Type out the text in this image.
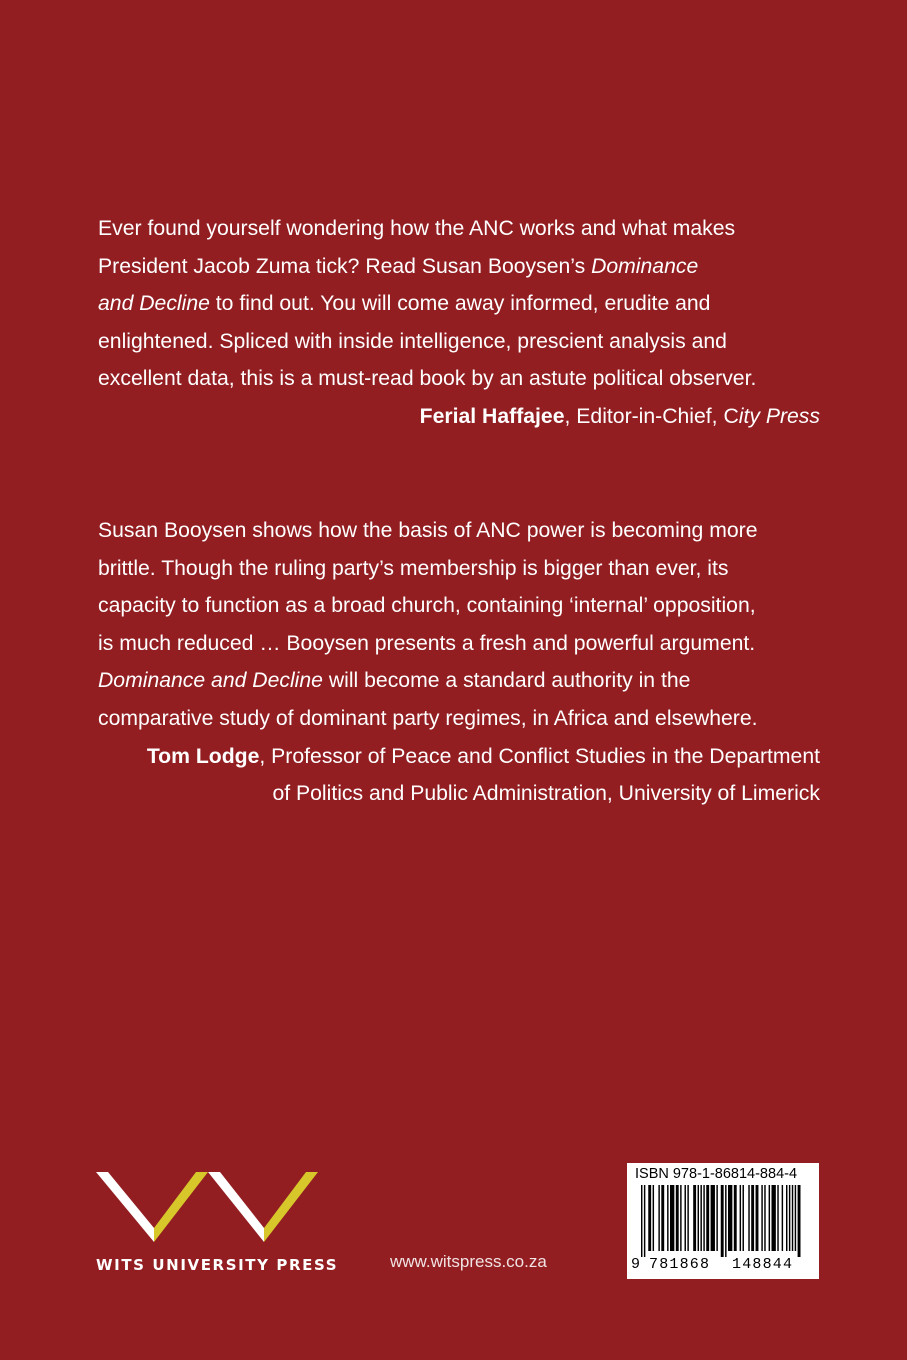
Ever found yourself wondering how the ANC works and what makes

President Jacob Zuma tick? Read Susan Booysen’s Dominance

and Decline to find out. You will come away informed, erudite and

enlightened. Spliced with inside intelligence, prescient analysis and

excellent data, this is a must-read book by an astute political observer.

Ferial Haffajee, Editor-in-Chief, City Press

Susan Booysen shows how the basis of ANC power is becoming more

brittle. Though the ruling party’s membership is bigger than ever, its

capacity to function as a broad church, containing ‘internal’ opposition,

is much reduced … Booysen presents a fresh and powerful argument.

Dominance and Decline will become a standard authority in the

comparative study of dominant party regimes, in Africa and elsewhere.

Tom Lodge, Professor of Peace and Conflict Studies in the Department

of Politics and Public Administration, University of Limerick

WITS UNIVERSITY PRESS	www.witspress.co.za
ISBN 978-1-86814-884-4
9 781868 148844
